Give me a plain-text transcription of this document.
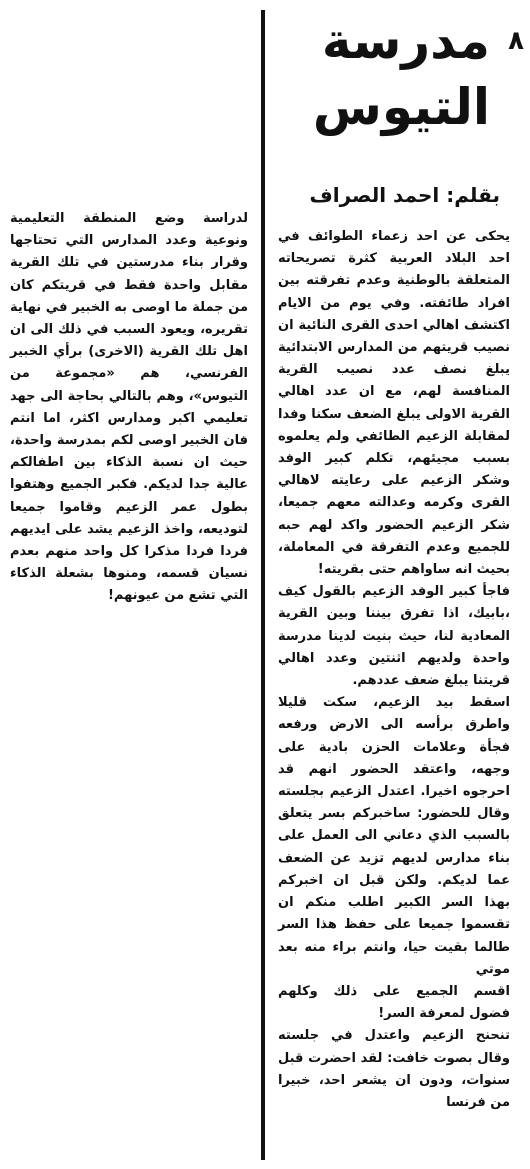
٨
مدرسة
التيوس
بقلم: احمد الصراف

يحكى عن احد زعماء الطوائف في احد البلاد العربية كثرة تصريحاته المتعلقة بالوطنية وعدم تفرقته بين افراد طائفته. وفي يوم من الايام اكتشف اهالي احدى القرى النائية ان نصيب قريتهم من المدارس الابتدائية يبلغ نصف عدد نصيب القرية المنافسة لهم، مع ان عدد اهالي القرية الاولى يبلغ الضعف سكنا وفدا لمقابلة الزعيم الطائفي ولم يعلموه بسبب مجيئهم، تكلم كبير الوفد وشكر الزعيم على رعايته لاهالي القرى وكرمه وعدالته معهم جميعا، شكر الزعيم الحضور واكد لهم حبه للجميع وعدم التفرقة في المعاملة، بحيث انه ساواهم حتى بقريته!

فاجأ كبير الوفد الزعيم بالقول كيف ،بابيك، اذا تفرق بيننا وبين القرية المعادية لنا، حيث بنيت لدينا مدرسة واحدة ولديهم اثنتين وعدد اهالي قريتنا يبلغ ضعف عددهم.

اسقط بيد الزعيم، سكت قليلا واطرق برأسه الى الارض ورفعه فجأة وعلامات الحزن بادية على وجهه، واعتقد الحضور انهم قد احرجوه اخيرا. اعتدل الزعيم بجلسته وقال للحضور: ساخبركم بسر يتعلق بالسبب الذي دعاني الى العمل على بناء مدارس لديهم تزيد عن الضعف عما لديكم. ولكن قبل ان اخبركم بهذا السر الكبير اطلب منكم ان تقسموا جميعا على حفظ هذا السر طالما بقيت حيا، وانتم براء منه بعد موتي

اقسم الجميع على ذلك وكلهم فضول لمعرفة السر!

تنحنح الزعيم واعتدل في جلسته وقال بصوت خافت: لقد احضرت قبل سنوات، ودون ان يشعر احد، خبيرا من فرنسا

لدراسة وضع المنطقة التعليمية ونوعية وعدد المدارس التي تحتاجها وقرار بناء مدرستين في تلك القرية مقابل واحدة فقط في قريتكم كان من جملة ما اوصى به الخبير في نهاية تقريره، ويعود السبب في ذلك الى ان اهل تلك القرية (الاخرى) برأي الخبير الفرنسي، هم «مجموعة من التيوس»، وهم بالتالي بحاجة الى جهد تعليمي اكبر ومدارس اكثر، اما انتم فان الخبير اوصى لكم بمدرسة واحدة، حيث ان نسبة الذكاء بين اطفالكم عالية جدا لديكم. فكبر الجميع وهتفوا بطول عمر الزعيم وقاموا جميعا لتوديعه، واخذ الزعيم يشد على ايديهم فردا فردا مذكرا كل واحد منهم بعدم نسيان قسمه، ومنوها بشعلة الذكاء التي تشع من عيونهم!
